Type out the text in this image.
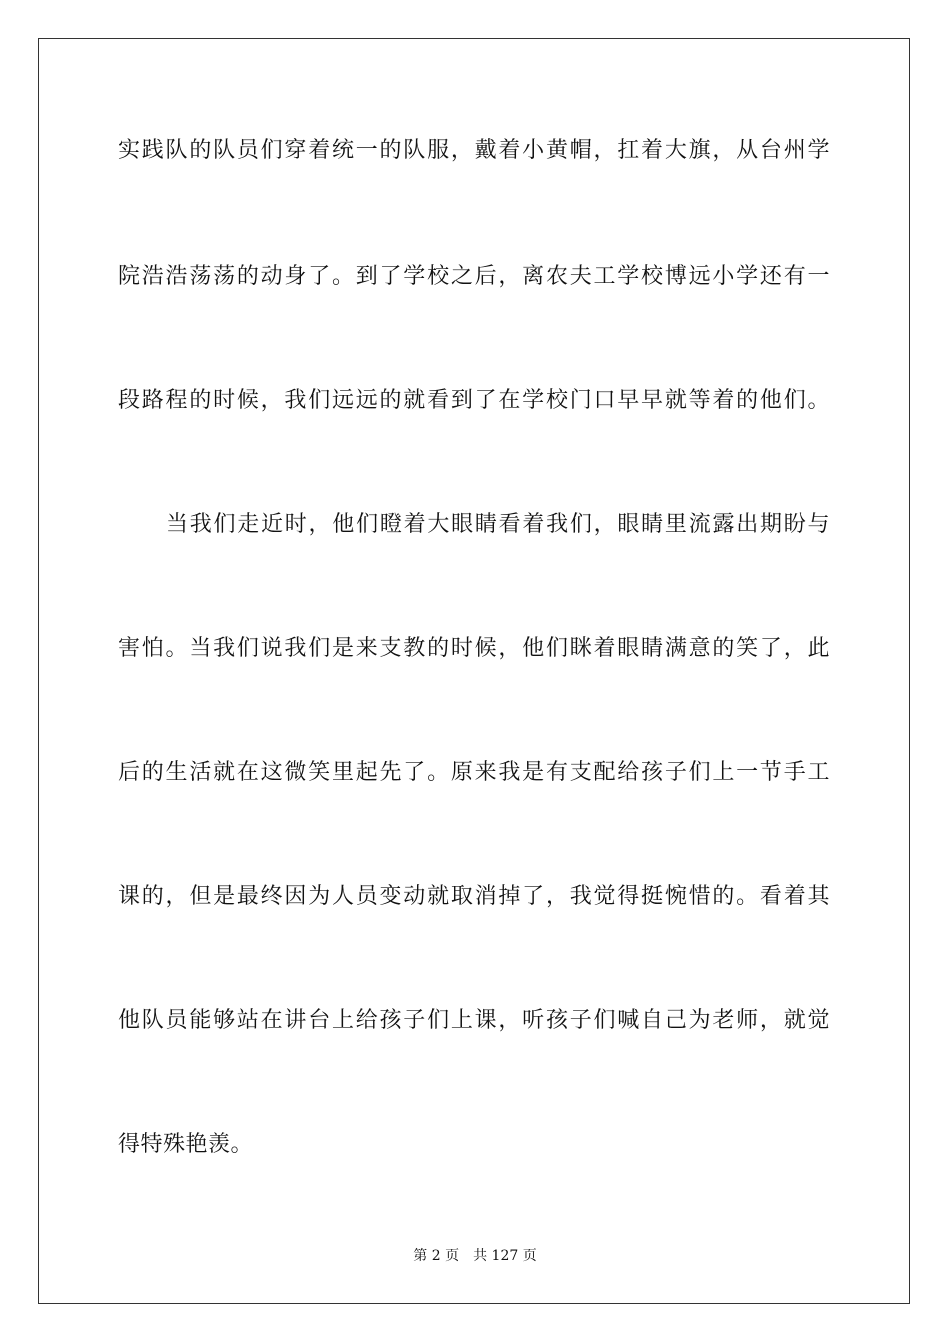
实践队的队员们穿着统一的队服，戴着小黄帽，扛着大旗，从台州学
院浩浩荡荡的动身了。到了学校之后，离农夫工学校博远小学还有一
段路程的时候，我们远远的就看到了在学校门口早早就等着的他们。
当我们走近时，他们瞪着大眼睛看着我们，眼睛里流露出期盼与
害怕。当我们说我们是来支教的时候，他们眯着眼睛满意的笑了，此
后的生活就在这微笑里起先了。原来我是有支配给孩子们上一节手工
课的，但是最终因为人员变动就取消掉了，我觉得挺惋惜的。看着其
他队员能够站在讲台上给孩子们上课，听孩子们喊自己为老师，就觉
得特殊艳羡。
第 2 页 共 127 页
